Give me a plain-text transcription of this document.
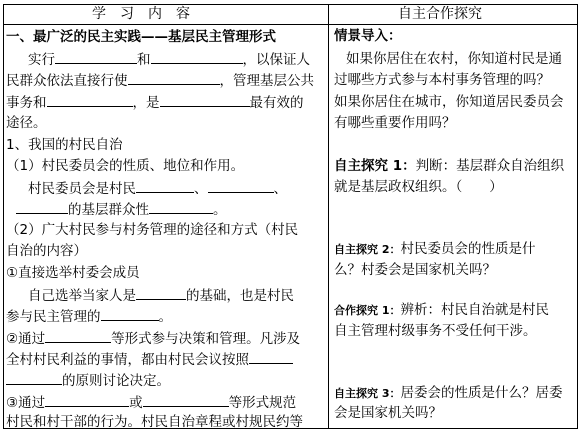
学　习　内　容	自主合作探究
一、最广泛的民主实践——基层民主管理形式
实行	和	，以保证人
民群众依法直接行使	，管理基层公共
事务和	，是	最有效的
途径。
1、我国的村民自治
（1）村民委员会的性质、地位和作用。
村民委员会是村民	、	、
的基层群众性	。
（2）广大村民参与村务管理的途径和方式（村民
自治的内容）
①直接选举村委会成员
自己选举当家人是	的基础，也是村民
参与民主管理的	。
②通过	等形式参与决策和管理。凡涉及
全村村民利益的事情，都由村民会议按照
的原则讨论决定。
③通过	或	等形式规范
村民和村干部的行为。村民自治章程或村规民约等
情景导入：
如果你居住在农村，你知道村民是通
过哪些方式参与本村事务管理的吗？
如果你居住在城市，你知道居民委员会
有哪些重要作用吗？
自主探究 1：判断：基层群众自治组织
就是基层政权组织。（　　）
自主探究 2：村民委员会的性质是什
么？村委会是国家机关吗？
合作探究 1：辨析：村民自治就是村民
自主管理村级事务不受任何干涉。
自主探究 3：居委会的性质是什么？居委
会是国家机关吗？
